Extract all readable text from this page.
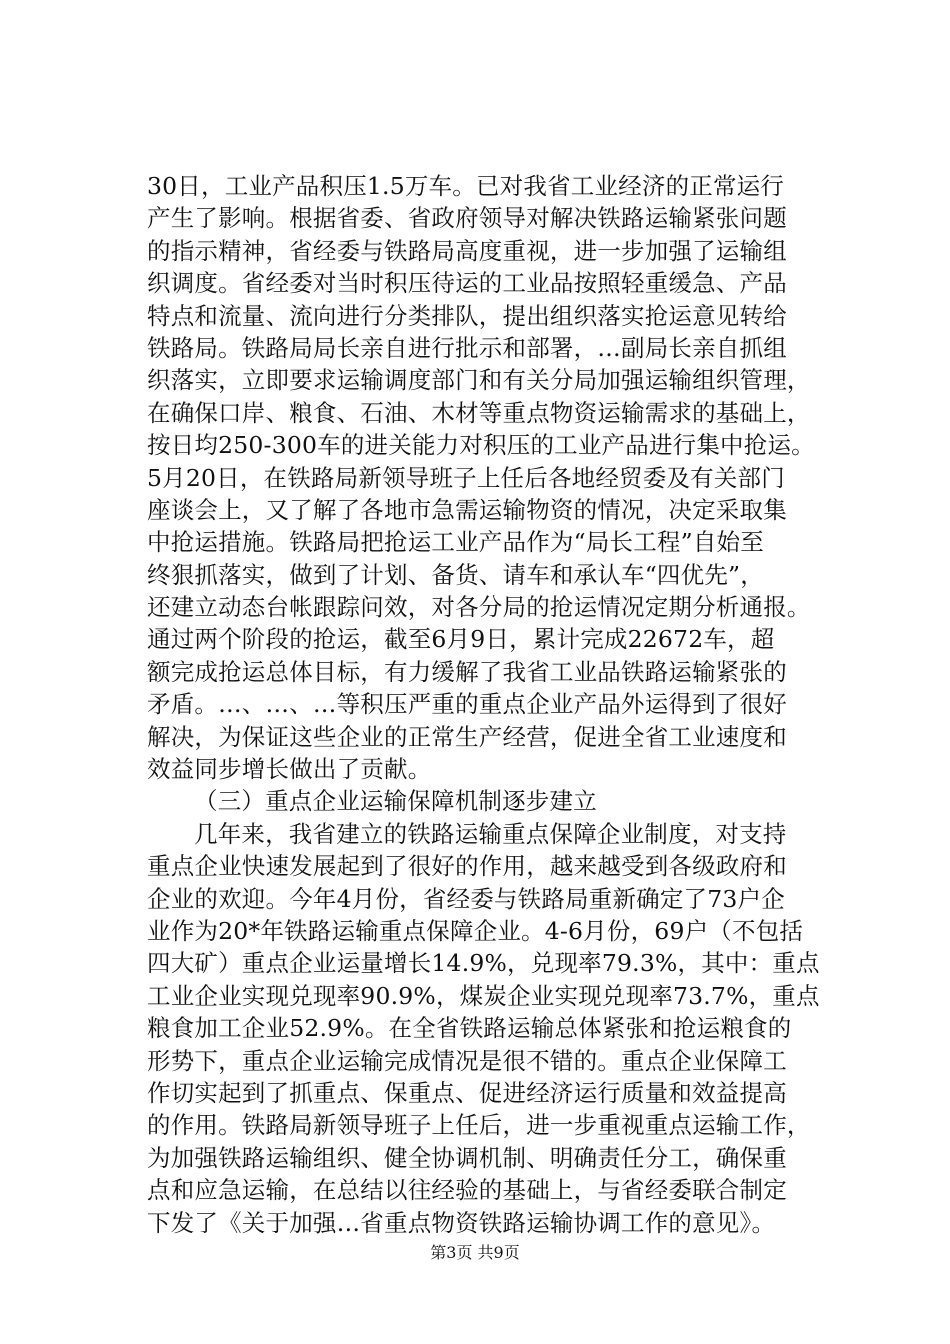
30日，工业产品积压1.5万车。已对我省工业经济的正常运行
产生了影响。根据省委、省政府领导对解决铁路运输紧张问题
的指示精神，省经委与铁路局高度重视，进一步加强了运输组
织调度。省经委对当时积压待运的工业品按照轻重缓急、产品
特点和流量、流向进行分类排队，提出组织落实抢运意见转给
铁路局。铁路局局长亲自进行批示和部署，…副局长亲自抓组
织落实，立即要求运输调度部门和有关分局加强运输组织管理，
在确保口岸、粮食、石油、木材等重点物资运输需求的基础上，
按日均250-300车的进关能力对积压的工业产品进行集中抢运。
5月20日，在铁路局新领导班子上任后各地经贸委及有关部门
座谈会上，又了解了各地市急需运输物资的情况，决定采取集
中抢运措施。铁路局把抢运工业产品作为“局长工程”自始至
终狠抓落实，做到了计划、备货、请车和承认车“四优先”，
还建立动态台帐跟踪问效，对各分局的抢运情况定期分析通报。
通过两个阶段的抢运，截至6月9日，累计完成22672车，超
额完成抢运总体目标，有力缓解了我省工业品铁路运输紧张的
矛盾。…、…、…等积压严重的重点企业产品外运得到了很好
解决，为保证这些企业的正常生产经营，促进全省工业速度和
效益同步增长做出了贡献。
（三）重点企业运输保障机制逐步建立
几年来，我省建立的铁路运输重点保障企业制度，对支持
重点企业快速发展起到了很好的作用，越来越受到各级政府和
企业的欢迎。今年4月份，省经委与铁路局重新确定了73户企
业作为20*年铁路运输重点保障企业。4-6月份，69户（不包括
四大矿）重点企业运量增长14.9%，兑现率79.3%，其中：重点
工业企业实现兑现率90.9%，煤炭企业实现兑现率73.7%，重点
粮食加工企业52.9%。在全省铁路运输总体紧张和抢运粮食的
形势下，重点企业运输完成情况是很不错的。重点企业保障工
作切实起到了抓重点、保重点、促进经济运行质量和效益提高
的作用。铁路局新领导班子上任后，进一步重视重点运输工作，
为加强铁路运输组织、健全协调机制、明确责任分工，确保重
点和应急运输，在总结以往经验的基础上，与省经委联合制定
下发了《关于加强…省重点物资铁路运输协调工作的意见》。
第3页 共9页
